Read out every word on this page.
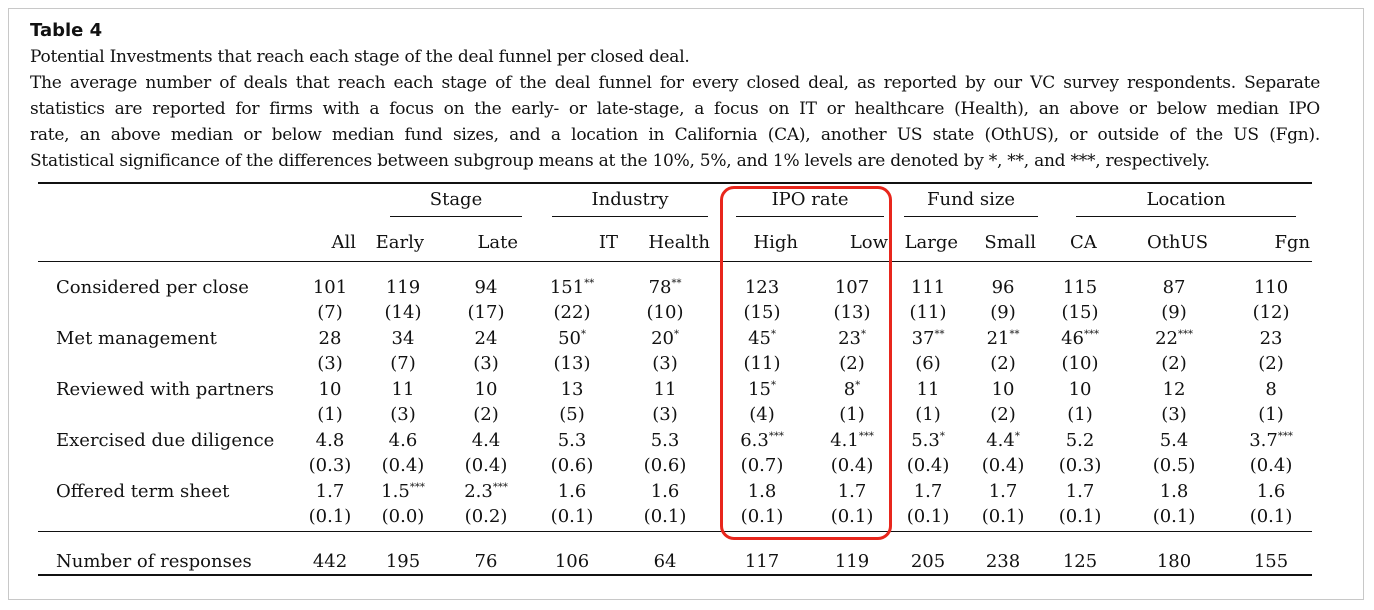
Table 4

Potential Investments that reach each stage of the deal funnel per closed deal.

The average number of deals that reach each stage of the deal funnel for every closed deal, as reported by our VC survey respondents. Separate

statistics are reported for firms with a focus on the early- or late-stage, a focus on IT or healthcare (Health), an above or below median IPO

rate, an above median or below median fund sizes, and a location in California (CA), another US state (OthUS), or outside of the US (Fgn).

Statistical significance of the differences between subgroup means at the 10%, 5%, and 1% levels are denoted by *, **, and ***, respectively.

		Stage		Industry		IPO rate		Fund size		Location		
	All	Early	Late	IT	Health	High	Low	Large	Small	CA	OthUS	Fgn
Considered per close	101	119	94	151**	78**	123	107	111	96	115	87	110
	(7)	(14)	(17)	(22)	(10)	(15)	(13)	(11)	(9)	(15)	(9)	(12)
Met management	28	34	24	50*	20*	45*	23*	37**	21**	46***	22***	23
	(3)	(7)	(3)	(13)	(3)	(11)	(2)	(6)	(2)	(10)	(2)	(2)
Reviewed with partners	10	11	10	13	11	15*	8*	11	10	10	12	8
	(1)	(3)	(2)	(5)	(3)	(4)	(1)	(1)	(2)	(1)	(3)	(1)
Exercised due diligence	4.8	4.6	4.4	5.3	5.3	6.3***	4.1***	5.3*	4.4*	5.2	5.4	3.7***
	(0.3)	(0.4)	(0.4)	(0.6)	(0.6)	(0.7)	(0.4)	(0.4)	(0.4)	(0.3)	(0.5)	(0.4)
Offered term sheet	1.7	1.5***	2.3***	1.6	1.6	1.8	1.7	1.7	1.7	1.7	1.8	1.6
	(0.1)	(0.0)	(0.2)	(0.1)	(0.1)	(0.1)	(0.1)	(0.1)	(0.1)	(0.1)	(0.1)	(0.1)
Number of responses	442	195	76	106	64	117	119	205	238	125	180	155
